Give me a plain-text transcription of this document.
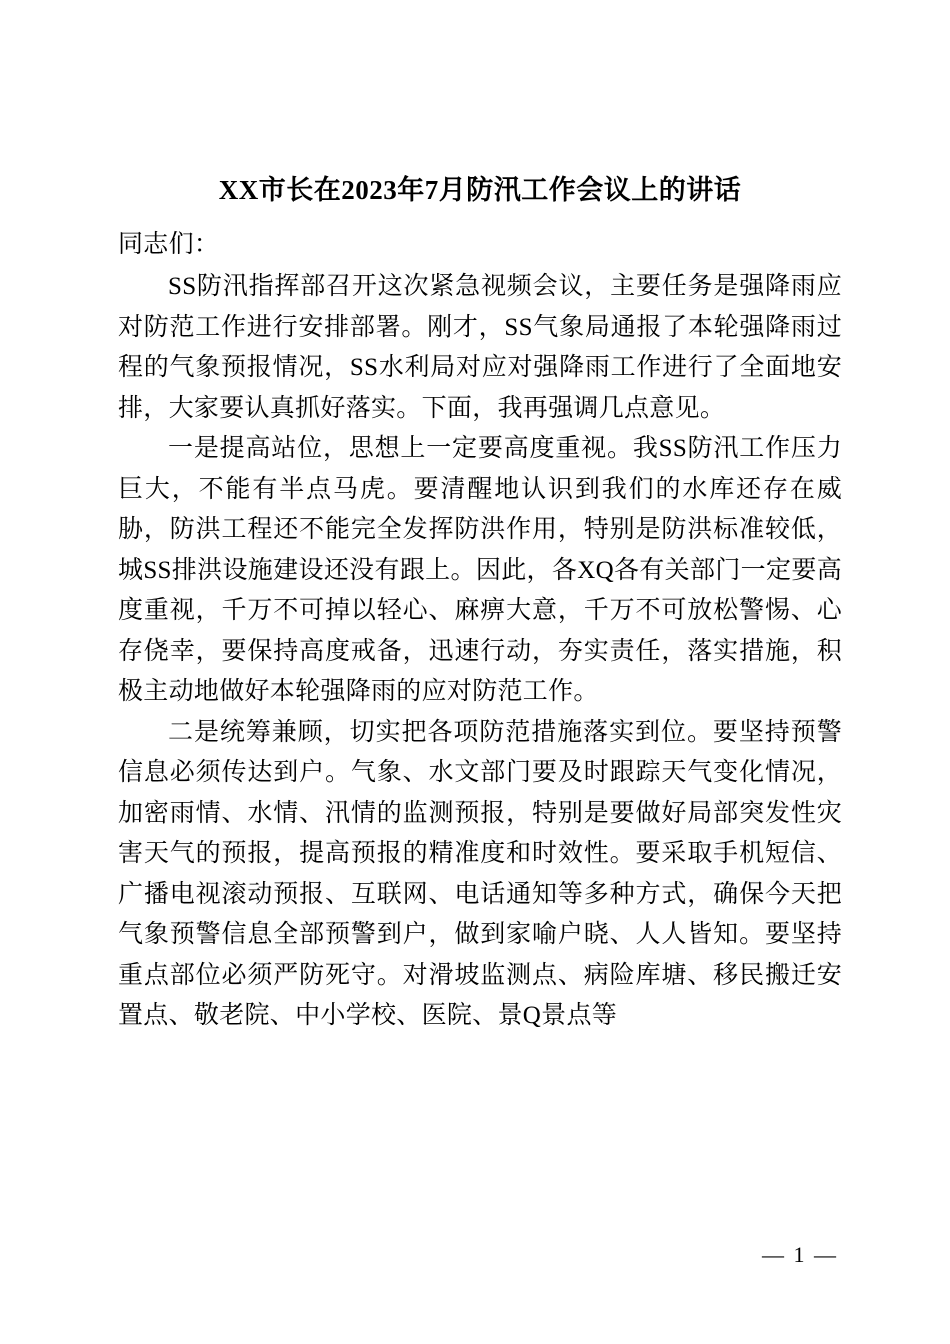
XX市长在2023年7月防汛工作会议上的讲话

同志们：

SS防汛指挥部召开这次紧急视频会议，主要任务是强降雨应对防范工作进行安排部署。刚才，SS气象局通报了本轮强降雨过程的气象预报情况，SS水利局对应对强降雨工作进行了全面地安排，大家要认真抓好落实。下面，我再强调几点意见。

一是提高站位，思想上一定要高度重视。我SS防汛工作压力巨大，不能有半点马虎。要清醒地认识到我们的水库还存在威胁，防洪工程还不能完全发挥防洪作用，特别是防洪标准较低，城SS排洪设施建设还没有跟上。因此，各XQ各有关部门一定要高度重视，千万不可掉以轻心、麻痹大意，千万不可放松警惕、心存侥幸，要保持高度戒备，迅速行动，夯实责任，落实措施，积极主动地做好本轮强降雨的应对防范工作。

二是统筹兼顾，切实把各项防范措施落实到位。要坚持预警信息必须传达到户。气象、水文部门要及时跟踪天气变化情况，加密雨情、水情、汛情的监测预报，特别是要做好局部突发性灾害天气的预报，提高预报的精准度和时效性。要采取手机短信、广播电视滚动预报、互联网、电话通知等多种方式，确保今天把气象预警信息全部预警到户，做到家喻户晓、人人皆知。要坚持重点部位必须严防死守。对滑坡监测点、病险库塘、移民搬迁安置点、敬老院、中小学校、医院、景Q景点等

— 1 —
